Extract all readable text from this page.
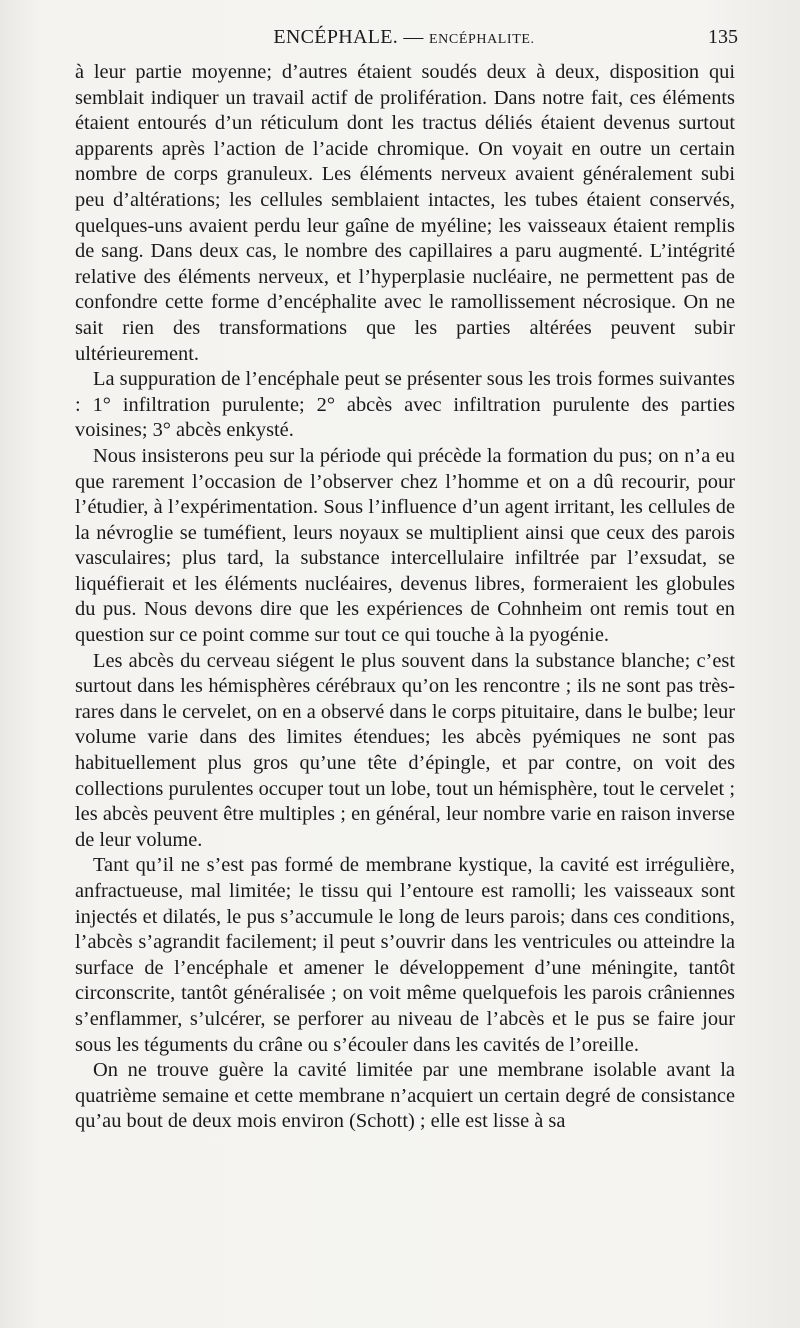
ENCÉPHALE. — ENCÉPHALITE.	135

à leur partie moyenne; d’autres étaient soudés deux à deux, disposition qui semblait indiquer un travail actif de prolifération. Dans notre fait, ces éléments étaient entourés d’un réticulum dont les tractus déliés étaient devenus surtout apparents après l’action de l’acide chromique. On voyait en outre un certain nombre de corps granuleux. Les éléments nerveux avaient généralement subi peu d’altérations; les cellules semblaient intactes, les tubes étaient conservés, quelques-uns avaient perdu leur gaîne de myéline; les vaisseaux étaient remplis de sang. Dans deux cas, le nombre des capillaires a paru augmenté. L’intégrité relative des éléments nerveux, et l’hyperplasie nucléaire, ne permettent pas de confondre cette forme d’encéphalite avec le ramollissement nécrosique. On ne sait rien des transformations que les parties altérées peuvent subir ultérieurement.

La suppuration de l’encéphale peut se présenter sous les trois formes suivantes : 1° infiltration purulente; 2° abcès avec infiltration purulente des parties voisines; 3° abcès enkysté.

Nous insisterons peu sur la période qui précède la formation du pus; on n’a eu que rarement l’occasion de l’observer chez l’homme et on a dû recourir, pour l’étudier, à l’expérimentation. Sous l’influence d’un agent irritant, les cellules de la névroglie se tuméfient, leurs noyaux se multiplient ainsi que ceux des parois vasculaires; plus tard, la substance intercellulaire infiltrée par l’exsudat, se liquéfierait et les éléments nucléaires, devenus libres, formeraient les globules du pus. Nous devons dire que les expériences de Cohnheim ont remis tout en question sur ce point comme sur tout ce qui touche à la pyogénie.

Les abcès du cerveau siégent le plus souvent dans la substance blanche; c’est surtout dans les hémisphères cérébraux qu’on les rencontre ; ils ne sont pas très-rares dans le cervelet, on en a observé dans le corps pituitaire, dans le bulbe; leur volume varie dans des limites étendues; les abcès pyémiques ne sont pas habituellement plus gros qu’une tête d’épingle, et par contre, on voit des collections purulentes occuper tout un lobe, tout un hémisphère, tout le cervelet ; les abcès peuvent être multiples ; en général, leur nombre varie en raison inverse de leur volume.

Tant qu’il ne s’est pas formé de membrane kystique, la cavité est irrégulière, anfractueuse, mal limitée; le tissu qui l’entoure est ramolli; les vaisseaux sont injectés et dilatés, le pus s’accumule le long de leurs parois; dans ces conditions, l’abcès s’agrandit facilement; il peut s’ouvrir dans les ventricules ou atteindre la surface de l’encéphale et amener le développement d’une méningite, tantôt circonscrite, tantôt généralisée ; on voit même quelquefois les parois crâniennes s’enflammer, s’ulcérer, se perforer au niveau de l’abcès et le pus se faire jour sous les téguments du crâne ou s’écouler dans les cavités de l’oreille.

On ne trouve guère la cavité limitée par une membrane isolable avant la quatrième semaine et cette membrane n’acquiert un certain degré de consistance qu’au bout de deux mois environ (Schott) ; elle est lisse à sa
